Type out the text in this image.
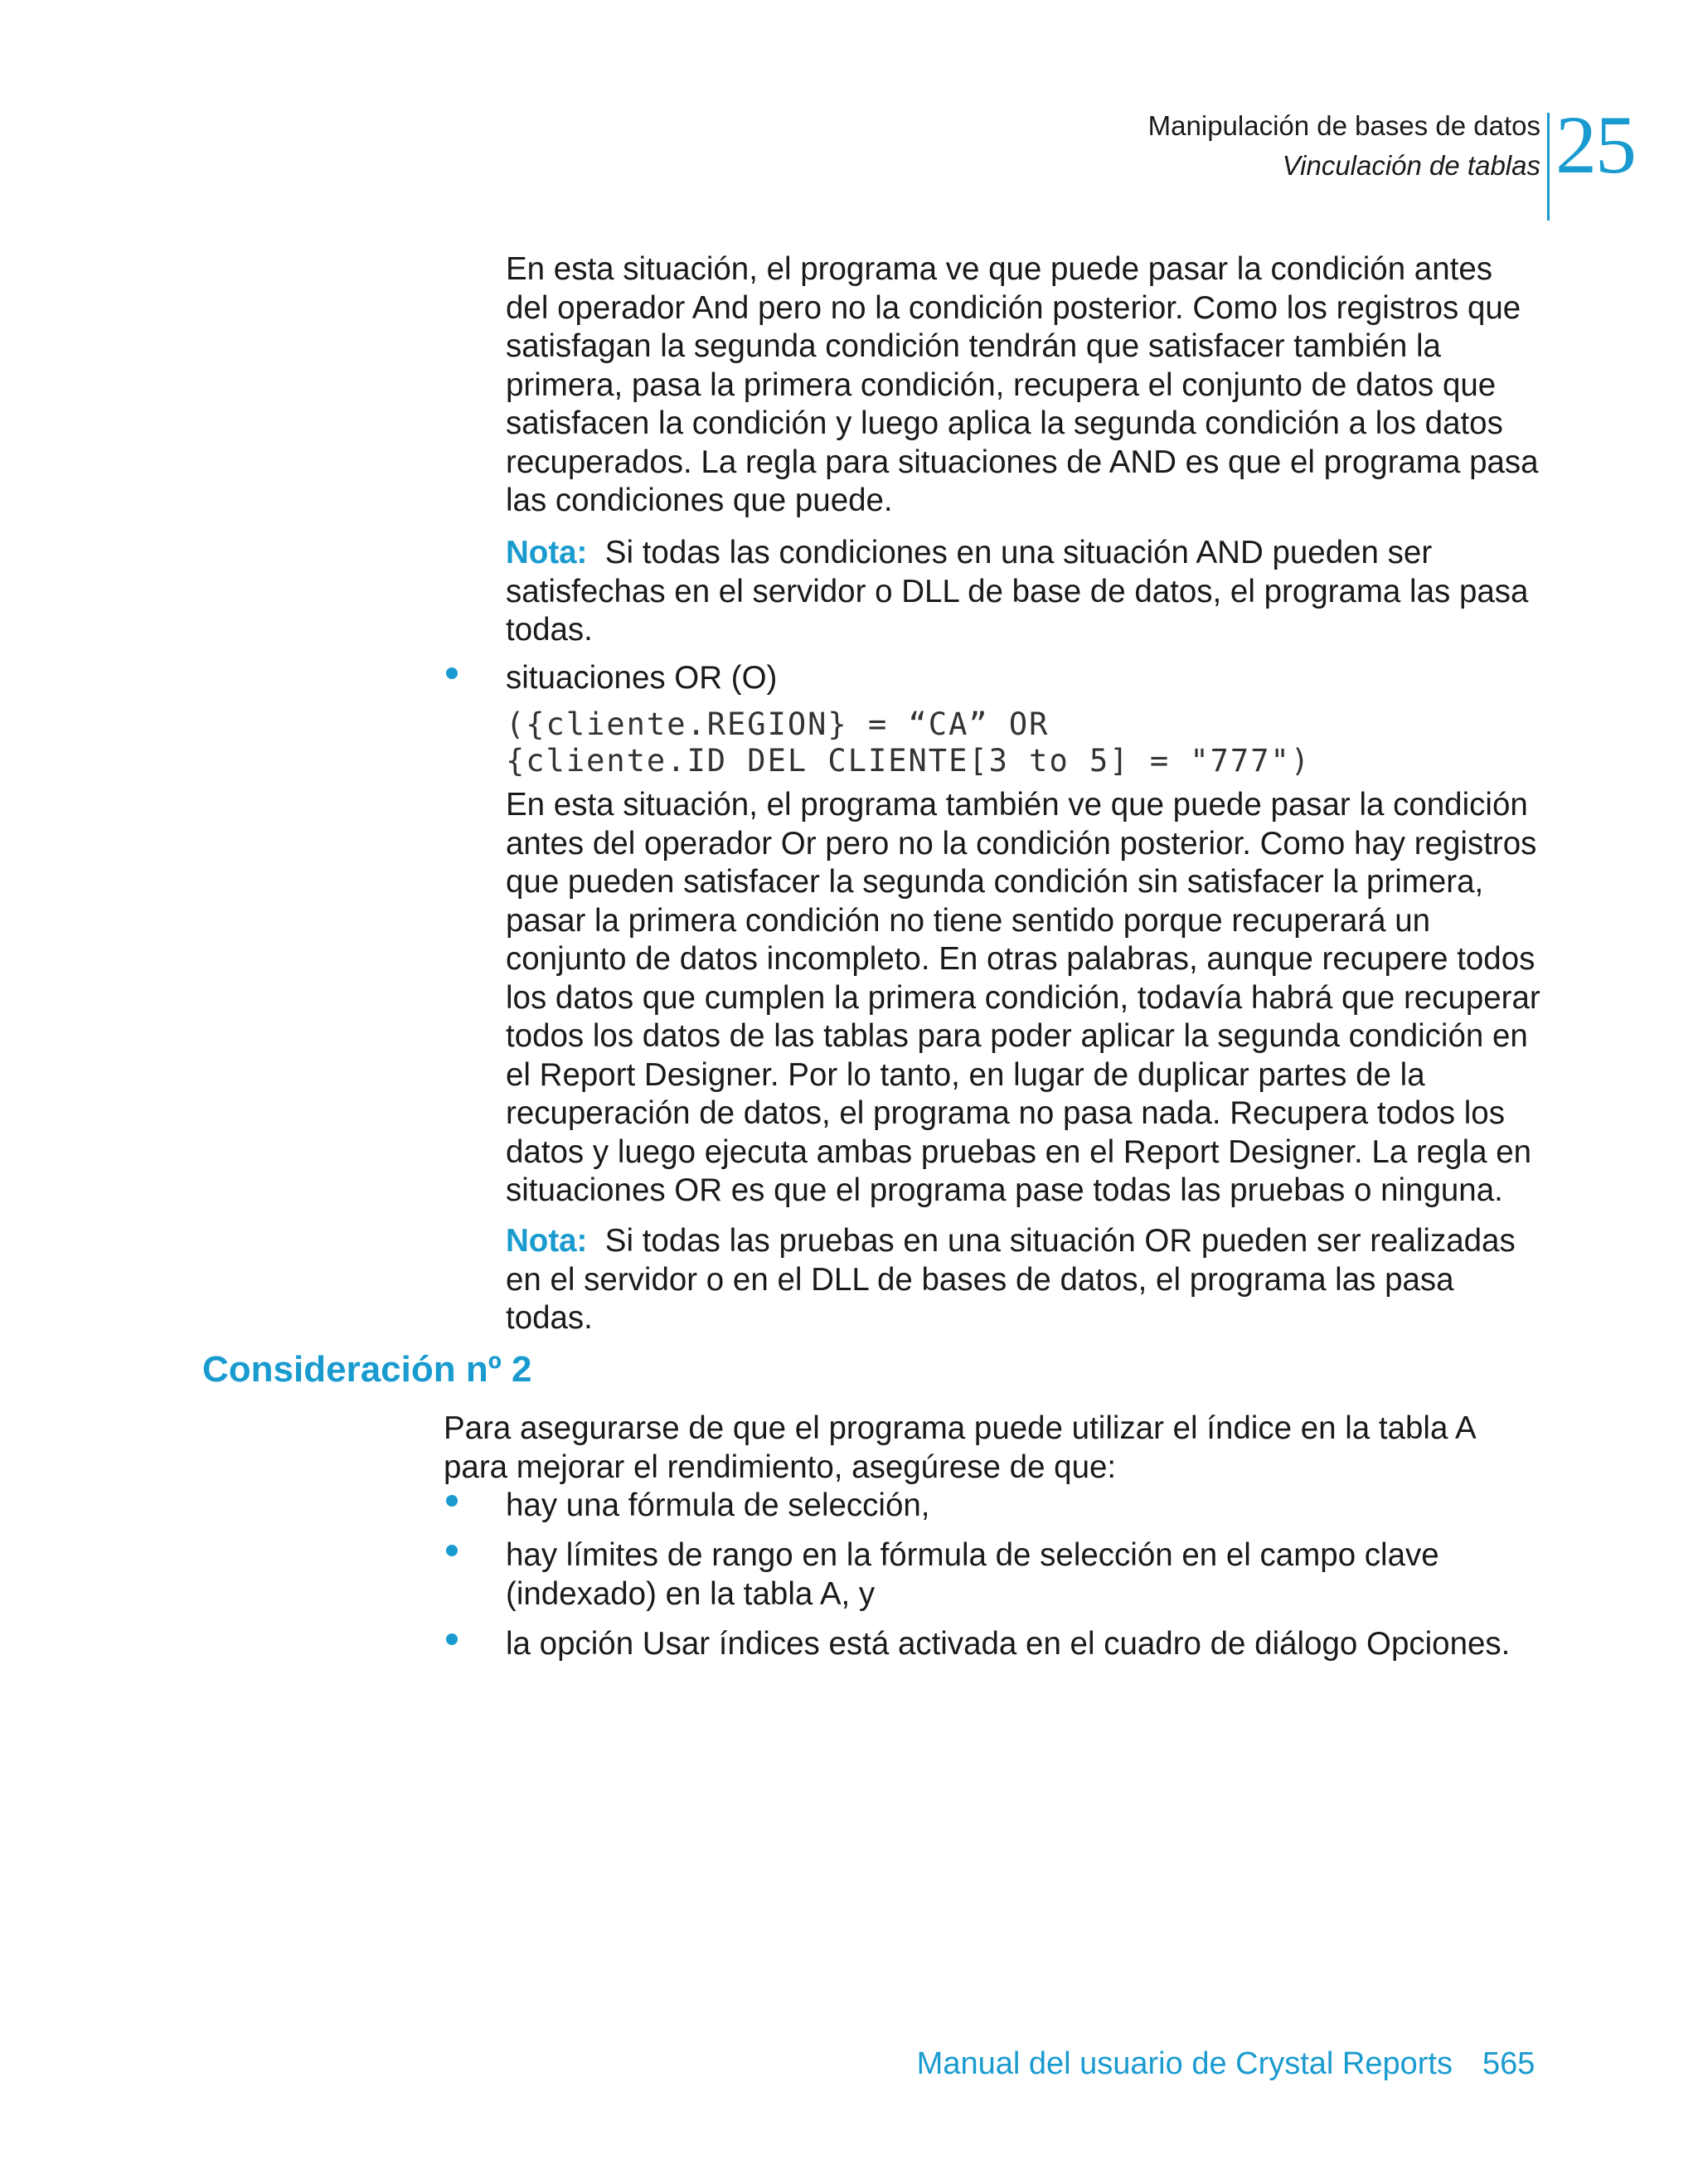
Manipulación de bases de datos
Vinculación de tablas 25

En esta situación, el programa ve que puede pasar la condición antes del operador And pero no la condición posterior. Como los registros que satisfagan la segunda condición tendrán que satisfacer también la primera, pasa la primera condición, recupera el conjunto de datos que satisfacen la condición y luego aplica la segunda condición a los datos recuperados. La regla para situaciones de AND es que el programa pasa las condiciones que puede.

Nota: Si todas las condiciones en una situación AND pueden ser satisfechas en el servidor o DLL de base de datos, el programa las pasa todas.

situaciones OR (O)

({cliente.REGION} = “CA” OR
{cliente.ID DEL CLIENTE[3 to 5] = "777")

En esta situación, el programa también ve que puede pasar la condición antes del operador Or pero no la condición posterior. Como hay registros que pueden satisfacer la segunda condición sin satisfacer la primera, pasar la primera condición no tiene sentido porque recuperará un conjunto de datos incompleto. En otras palabras, aunque recupere todos los datos que cumplen la primera condición, todavía habrá que recuperar todos los datos de las tablas para poder aplicar la segunda condición en el Report Designer. Por lo tanto, en lugar de duplicar partes de la recuperación de datos, el programa no pasa nada. Recupera todos los datos y luego ejecuta ambas pruebas en el Report Designer. La regla en situaciones OR es que el programa pase todas las pruebas o ninguna.

Nota: Si todas las pruebas en una situación OR pueden ser realizadas en el servidor o en el DLL de bases de datos, el programa las pasa todas.

Consideración nº 2

Para asegurarse de que el programa puede utilizar el índice en la tabla A para mejorar el rendimiento, asegúrese de que:

hay una fórmula de selección,

hay límites de rango en la fórmula de selección en el campo clave (indexado) en la tabla A, y

la opción Usar índices está activada en el cuadro de diálogo Opciones.

Manual del usuario de Crystal Reports 565
